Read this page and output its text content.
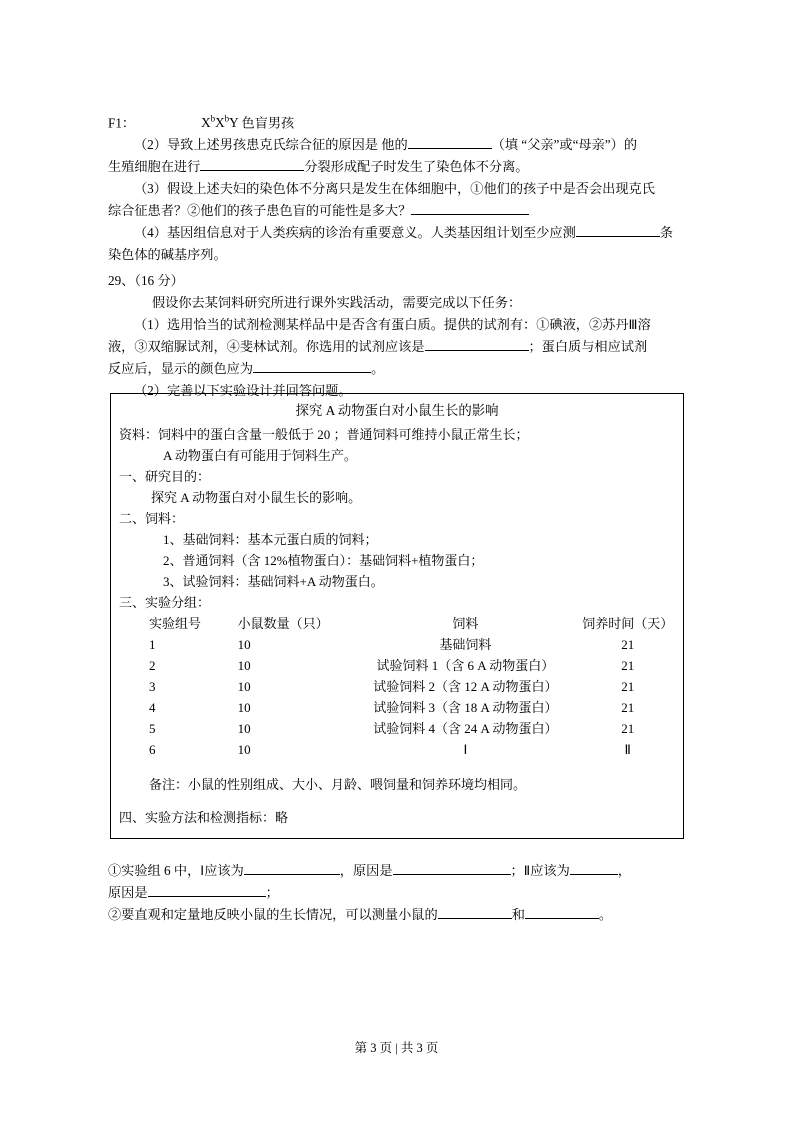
F1：	$X^bX^bY$ 色盲男孩

（2）导致上述男孩患克氏综合征的原因是 他的	（填 “父亲”或“母亲”）的
生殖细胞在进行	分裂形成配子时发生了染色体不分离。

（3）假设上述夫妇的染色体不分离只是发生在体细胞中，①他们的孩子中是否会出现克氏
综合征患者？②他们的孩子患色盲的可能性是多大？

（4）基因组信息对于人类疾病的诊治有重要意义。人类基因组计划至少应测	条
染色体的碱基序列。

29、（16 分）

假设你去某饲料研究所进行课外实践活动，需要完成以下任务：

（1）选用恰当的试剂检测某样品中是否含有蛋白质。提供的试剂有：①碘液，②苏丹Ⅲ溶
液，③双缩脲试剂，④斐林试剂。你选用的试剂应该是	；蛋白质与相应试剂
反应后，显示的颜色应为	。

（2）完善以下实验设计并回答问题。

探究 A 动物蛋白对小鼠生长的影响
资料：饲料中的蛋白含量一般低于 20 ；普通饲料可维持小鼠正常生长；
A 动物蛋白有可能用于饲料生产。
一、研究目的：
探究 A 动物蛋白对小鼠生长的影响。
二、饲料：
1、基础饲料：基本元蛋白质的饲料；
2、普通饲料（含 12%植物蛋白）：基础饲料+植物蛋白；
3、试验饲料：基础饲料+A 动物蛋白。
三、实验分组：
实验组号	小鼠数量（只）	饲料	饲养时间（天）
1	10	基础饲料	21
2	10	试验饲料 1（含 6 A 动物蛋白）	21
3	10	试验饲料 2（含 12 A 动物蛋白）	21
4	10	试验饲料 3（含 18 A 动物蛋白）	21
5	10	试验饲料 4（含 24 A 动物蛋白）	21
6	10	Ⅰ	Ⅱ
备注：小鼠的性别组成、大小、月龄、喂饲量和饲养环境均相同。
四、实验方法和检测指标：略

①实验组 6 中，Ⅰ应该为	，原因是	；Ⅱ应该为	，
原因是	；

②要直观和定量地反映小鼠的生长情况，可以测量小鼠的	和	。

第 3 页 | 共 3 页
